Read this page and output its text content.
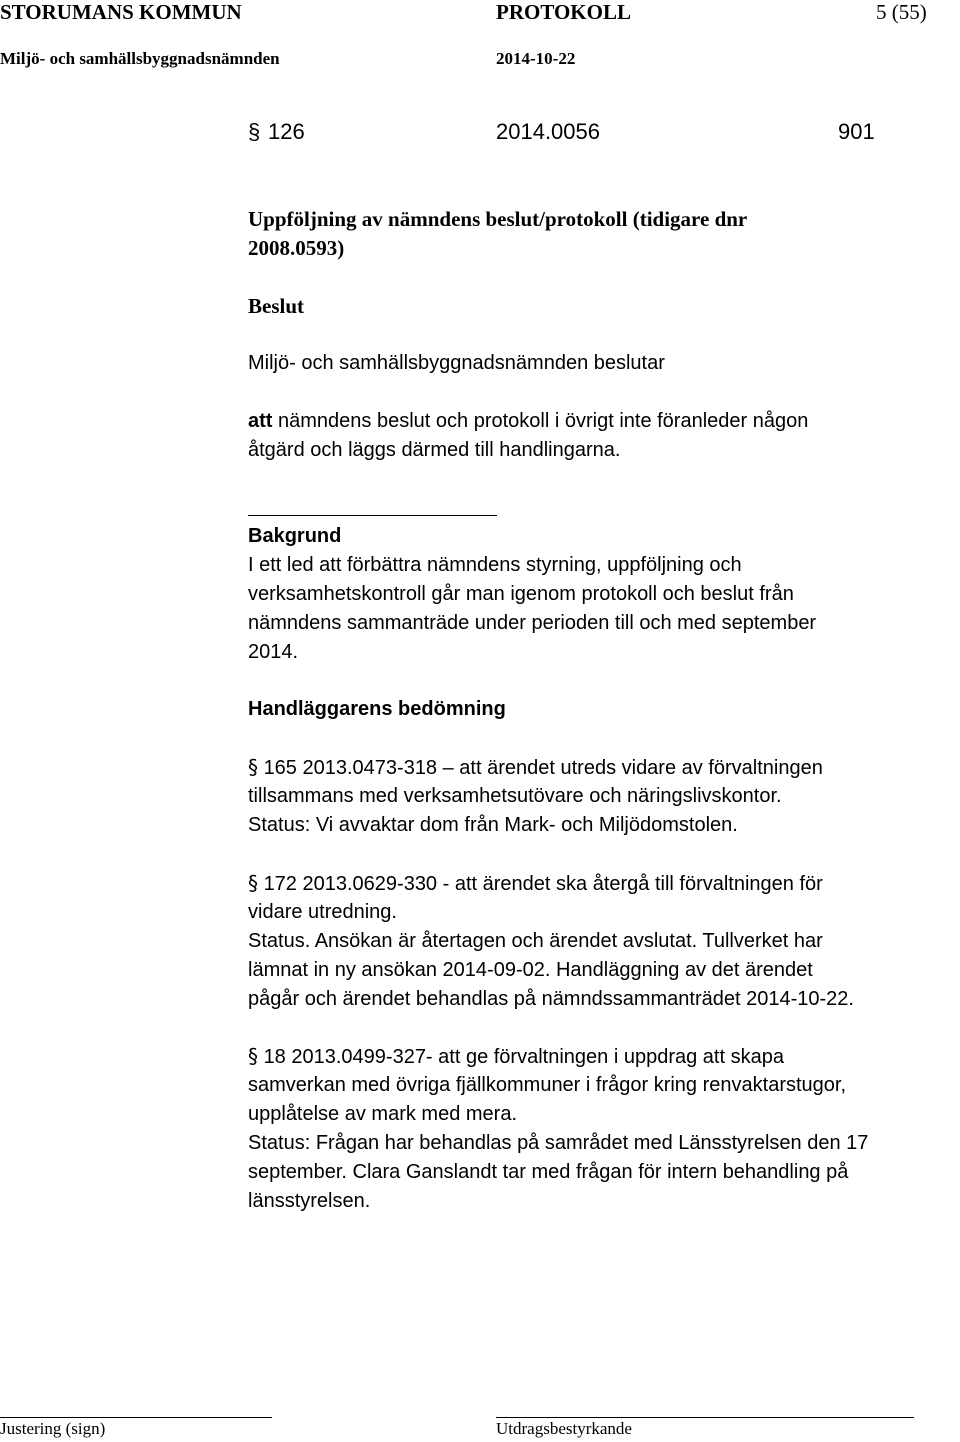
STORUMANS KOMMUN	PROTOKOLL	5 (55)
Miljö- och samhällsbyggnadsnämnden	2014-10-22
§ 126	2014.0056	901
Uppföljning av nämndens beslut/protokoll (tidigare dnr
2008.0593)
Beslut
Miljö- och samhällsbyggnadsnämnden beslutar
att nämndens beslut och protokoll i övrigt inte föranleder någon
åtgärd och läggs därmed till handlingarna.
Bakgrund
I ett led att förbättra nämndens styrning, uppföljning och
verksamhetskontroll går man igenom protokoll och beslut från
nämndens sammanträde under perioden till och med september
2014.
Handläggarens bedömning
§ 165 2013.0473-318 – att ärendet utreds vidare av förvaltningen
tillsammans med verksamhetsutövare och näringslivskontor.
Status: Vi avvaktar dom från Mark- och Miljödomstolen.
§ 172 2013.0629-330 - att ärendet ska återgå till förvaltningen för
vidare utredning.
Status. Ansökan är återtagen och ärendet avslutat. Tullverket har
lämnat in ny ansökan 2014-09-02. Handläggning av det ärendet
pågår och ärendet behandlas på nämndssammanträdet 2014-10-22.
§ 18 2013.0499-327- att ge förvaltningen i uppdrag att skapa
samverkan med övriga fjällkommuner i frågor kring renvaktarstugor,
upplåtelse av mark med mera.
Status: Frågan har behandlas på samrådet med Länsstyrelsen den 17
september. Clara Ganslandt tar med frågan för intern behandling på
länsstyrelsen.
Justering (sign)	Utdragsbestyrkande
